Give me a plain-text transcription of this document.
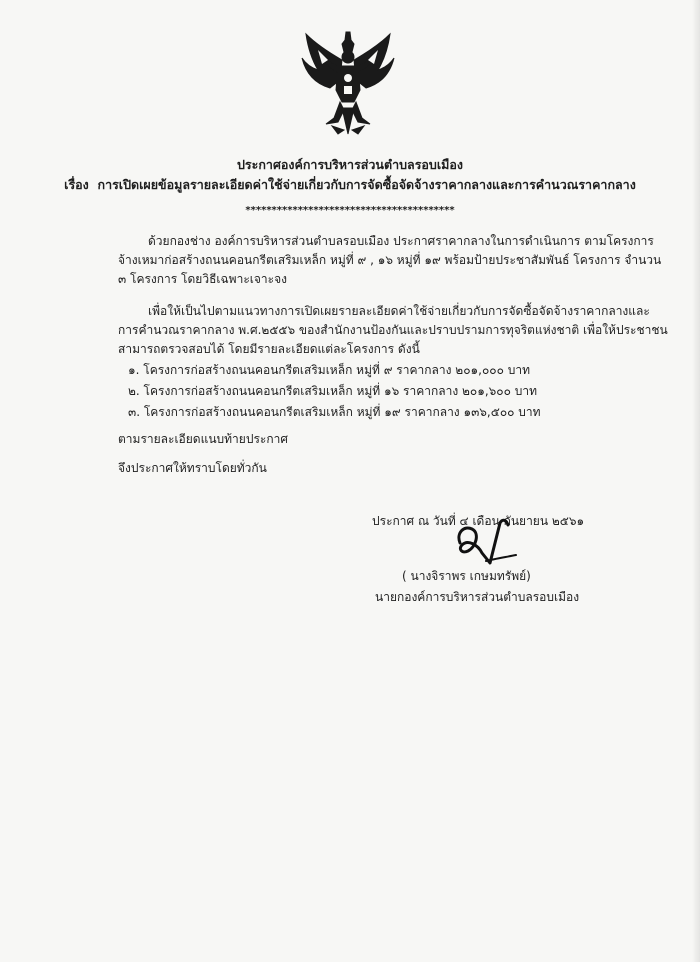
ประกาศองค์การบริหารส่วนตำบลรอบเมือง
เรื่อง การเปิดเผยข้อมูลรายละเอียดค่าใช้จ่ายเกี่ยวกับการจัดซื้อจัดจ้างราคากลางและการคำนวณราคากลาง
****************************************
ด้วยกองช่าง องค์การบริหารส่วนตำบลรอบเมือง ประกาศราคากลางในการดำเนินการ ตามโครงการ
จ้างเหมาก่อสร้างถนนคอนกรีตเสริมเหล็ก หมู่ที่ ๙ , ๑๖ หมู่ที่ ๑๙ พร้อมป้ายประชาสัมพันธ์ โครงการ จำนวน
๓ โครงการ โดยวิธีเฉพาะเจาะจง
เพื่อให้เป็นไปตามแนวทางการเปิดเผยรายละเอียดค่าใช้จ่ายเกี่ยวกับการจัดซื้อจัดจ้างราคากลางและ
การคำนวณราคากลาง พ.ศ.๒๕๕๖ ของสำนักงานป้องกันและปราบปรามการทุจริตแห่งชาติ เพื่อให้ประชาชน
สามารถตรวจสอบได้ โดยมีรายละเอียดแต่ละโครงการ ดังนี้
๑. โครงการก่อสร้างถนนคอนกรีตเสริมเหล็ก หมู่ที่ ๙ ราคากลาง ๒๐๑,๐๐๐ บาท
๒. โครงการก่อสร้างถนนคอนกรีตเสริมเหล็ก หมู่ที่ ๑๖ ราคากลาง ๒๐๑,๖๐๐ บาท
๓. โครงการก่อสร้างถนนคอนกรีตเสริมเหล็ก หมู่ที่ ๑๙ ราคากลาง ๑๓๖,๕๐๐ บาท
ตามรายละเอียดแนบท้ายประกาศ
จึงประกาศให้ทราบโดยทั่วกัน
ประกาศ ณ วันที่ ๔ เดือน กันยายน ๒๕๖๑
( นางจิราพร เกษมทรัพย์)
นายกองค์การบริหารส่วนตำบลรอบเมือง
